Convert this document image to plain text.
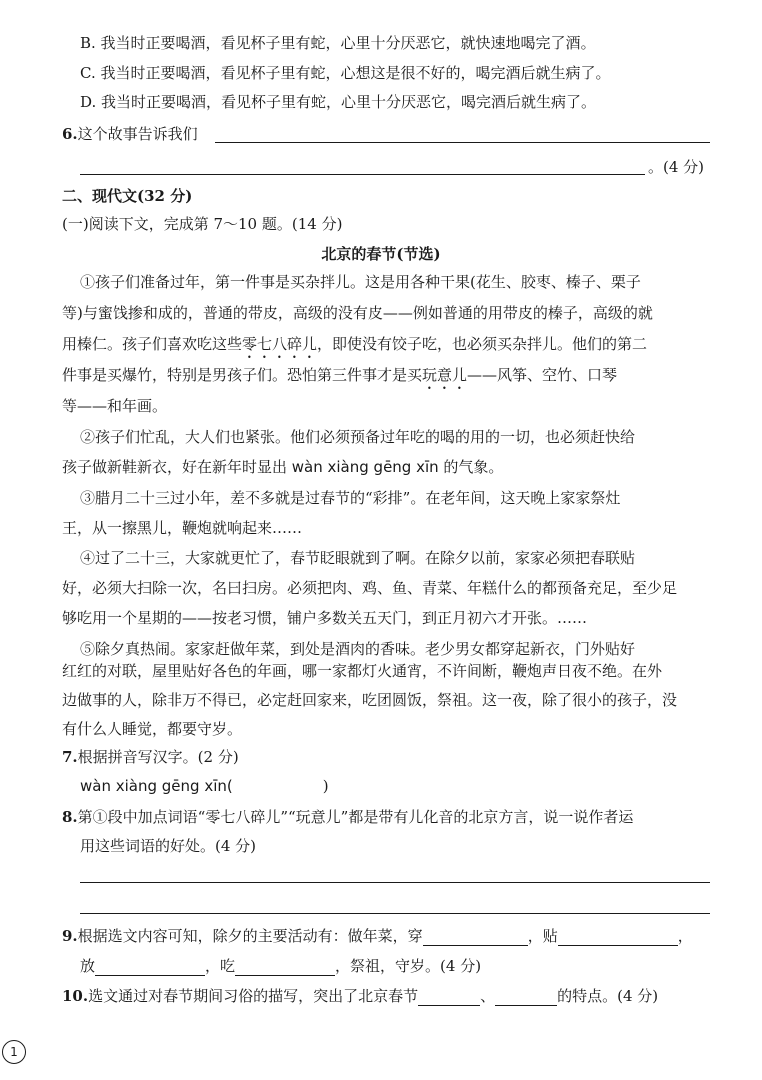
B. 我当时正要喝酒，看见杯子里有蛇，心里十分厌恶它，就快速地喝完了酒。
C. 我当时正要喝酒，看见杯子里有蛇，心想这是很不好的，喝完酒后就生病了。
D. 我当时正要喝酒，看见杯子里有蛇，心里十分厌恶它，喝完酒后就生病了。
6.这个故事告诉我们
。(4 分)
二、现代文(32 分)
(一)阅读下文，完成第 7～10 题。(14 分)
北京的春节(节选)
①孩子们准备过年，第一件事是买杂拌儿。这是用各种干果(花生、胶枣、榛子、栗子
等)与蜜饯掺和成的，普通的带皮，高级的没有皮——例如普通的用带皮的榛子，高级的就
用榛仁。孩子们喜欢吃这些零七八碎儿，即使没有饺子吃，也必须买杂拌儿。他们的第二
件事是买爆竹，特别是男孩子们。恐怕第三件事才是买玩意儿——风筝、空竹、口琴
等——和年画。
②孩子们忙乱，大人们也紧张。他们必须预备过年吃的喝的用的一切，也必须赶快给
孩子做新鞋新衣，好在新年时显出 wàn xiàng gēng xīn 的气象。
③腊月二十三过小年，差不多就是过春节的“彩排”。在老年间，这天晚上家家祭灶
王，从一擦黑儿，鞭炮就响起来……
④过了二十三，大家就更忙了，春节眨眼就到了啊。在除夕以前，家家必须把春联贴
好，必须大扫除一次，名曰扫房。必须把肉、鸡、鱼、青菜、年糕什么的都预备充足，至少足
够吃用一个星期的——按老习惯，铺户多数关五天门，到正月初六才开张。……
⑤除夕真热闹。家家赶做年菜，到处是酒肉的香味。老少男女都穿起新衣，门外贴好
红红的对联，屋里贴好各色的年画，哪一家都灯火通宵，不许间断，鞭炮声日夜不绝。在外
边做事的人，除非万不得已，必定赶回家来，吃团圆饭，祭祖。这一夜，除了很小的孩子，没
有什么人睡觉，都要守岁。
7.根据拼音写汉字。(2 分)
wàn xiàng gēng xīn(	)
8.第①段中加点词语“零七八碎儿”“玩意儿”都是带有儿化音的北京方言，说一说作者运
用这些词语的好处。(4 分)
9.根据选文内容可知，除夕的主要活动有：做年菜，穿	，贴	，
放	，吃	，祭祖，守岁。(4 分)
10.选文通过对春节期间习俗的描写，突出了北京春节	、	的特点。(4 分)
1
